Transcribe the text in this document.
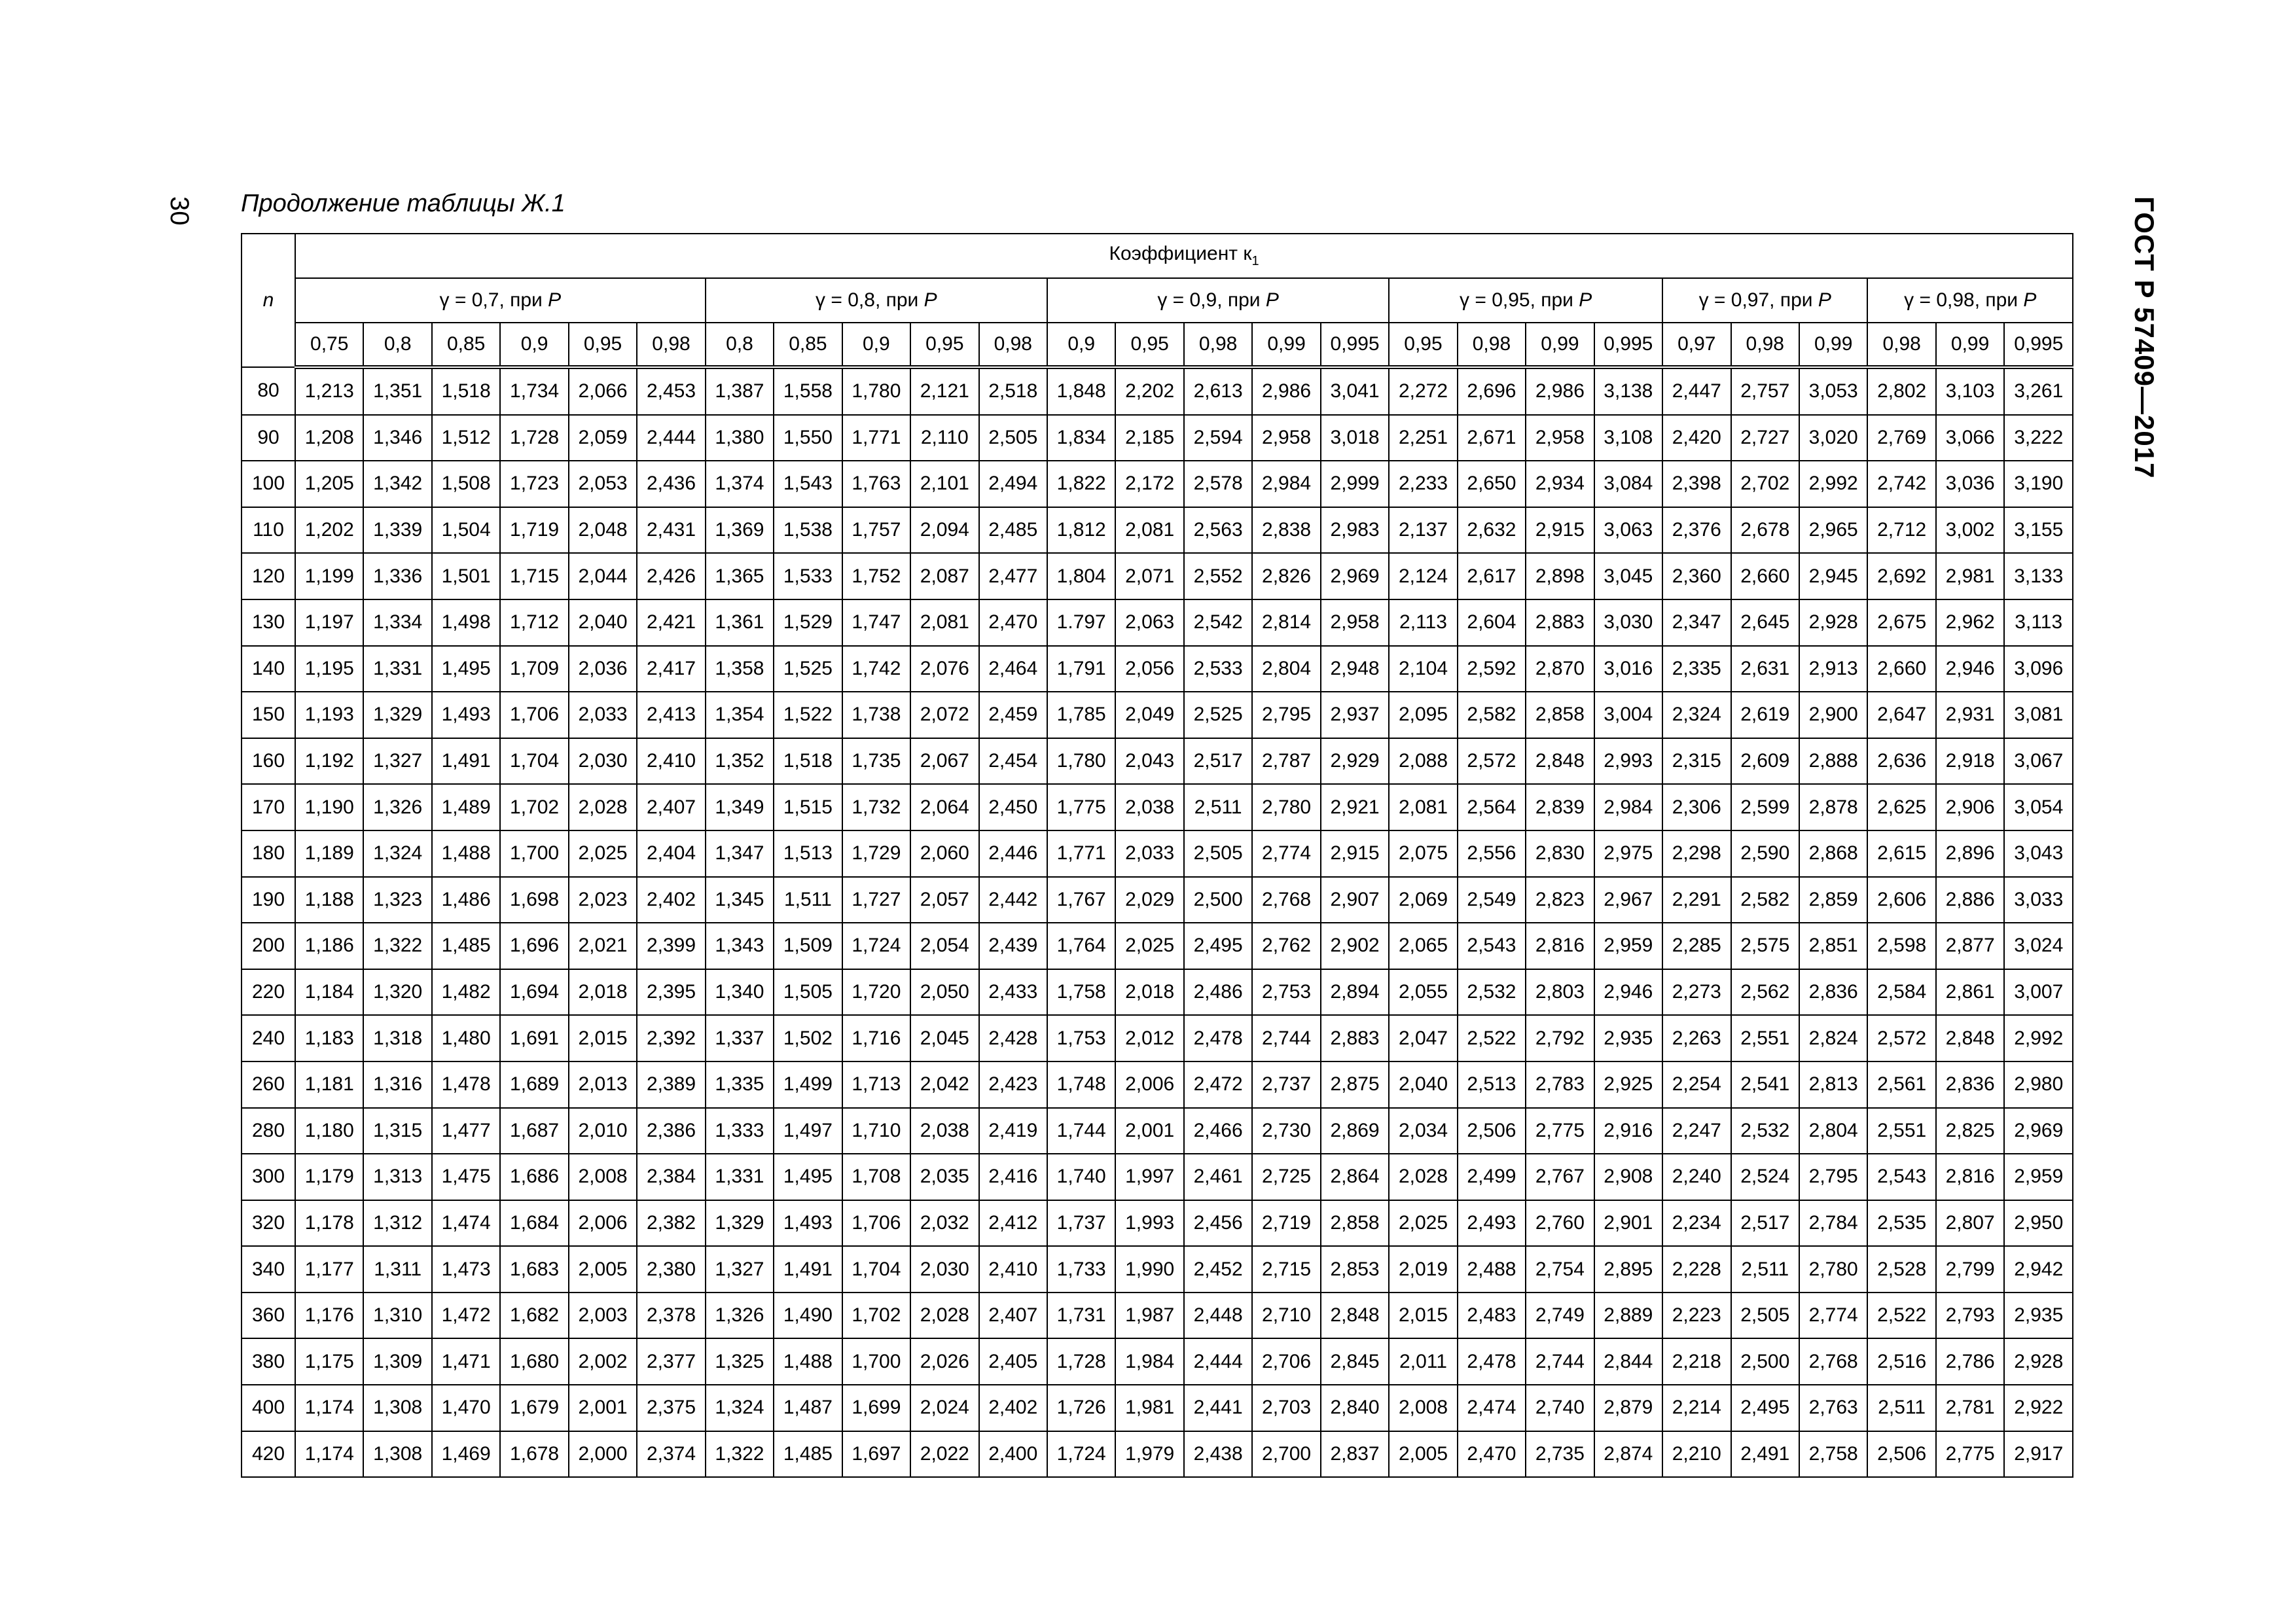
30 Продолжение таблицы Ж.1	ГОСТ Р 57409—2017
n	Коэффициент $к_1$
	γ = 0,7, при P						γ = 0,8, при P					γ = 0,9, при P					γ = 0,95, при P				γ = 0,97, при P			γ = 0,98, при P		
	0,75	0,8	0,85	0,9	0,95	0,98	0,8	0,85	0,9	0,95	0,98	0,9	0,95	0,98	0,99	0,995	0,95	0,98	0,99	0,995	0,97	0,98	0,99	0,98	0,99	0,995
80	1,213	1,351	1,518	1,734	2,066	2,453	1,387	1,558	1,780	2,121	2,518	1,848	2,202	2,613	2,986	3,041	2,272	2,696	2,986	3,138	2,447	2,757	3,053	2,802	3,103	3,261
90	1,208	1,346	1,512	1,728	2,059	2,444	1,380	1,550	1,771	2,110	2,505	1,834	2,185	2,594	2,958	3,018	2,251	2,671	2,958	3,108	2,420	2,727	3,020	2,769	3,066	3,222
100	1,205	1,342	1,508	1,723	2,053	2,436	1,374	1,543	1,763	2,101	2,494	1,822	2,172	2,578	2,984	2,999	2,233	2,650	2,934	3,084	2,398	2,702	2,992	2,742	3,036	3,190
110	1,202	1,339	1,504	1,719	2,048	2,431	1,369	1,538	1,757	2,094	2,485	1,812	2,081	2,563	2,838	2,983	2,137	2,632	2,915	3,063	2,376	2,678	2,965	2,712	3,002	3,155
120	1,199	1,336	1,501	1,715	2,044	2,426	1,365	1,533	1,752	2,087	2,477	1,804	2,071	2,552	2,826	2,969	2,124	2,617	2,898	3,045	2,360	2,660	2,945	2,692	2,981	3,133
130	1,197	1,334	1,498	1,712	2,040	2,421	1,361	1,529	1,747	2,081	2,470	1.797	2,063	2,542	2,814	2,958	2,113	2,604	2,883	3,030	2,347	2,645	2,928	2,675	2,962	3,113
140	1,195	1,331	1,495	1,709	2,036	2,417	1,358	1,525	1,742	2,076	2,464	1,791	2,056	2,533	2,804	2,948	2,104	2,592	2,870	3,016	2,335	2,631	2,913	2,660	2,946	3,096
150	1,193	1,329	1,493	1,706	2,033	2,413	1,354	1,522	1,738	2,072	2,459	1,785	2,049	2,525	2,795	2,937	2,095	2,582	2,858	3,004	2,324	2,619	2,900	2,647	2,931	3,081
160	1,192	1,327	1,491	1,704	2,030	2,410	1,352	1,518	1,735	2,067	2,454	1,780	2,043	2,517	2,787	2,929	2,088	2,572	2,848	2,993	2,315	2,609	2,888	2,636	2,918	3,067
170	1,190	1,326	1,489	1,702	2,028	2,407	1,349	1,515	1,732	2,064	2,450	1,775	2,038	2,511	2,780	2,921	2,081	2,564	2,839	2,984	2,306	2,599	2,878	2,625	2,906	3,054
180	1,189	1,324	1,488	1,700	2,025	2,404	1,347	1,513	1,729	2,060	2,446	1,771	2,033	2,505	2,774	2,915	2,075	2,556	2,830	2,975	2,298	2,590	2,868	2,615	2,896	3,043
190	1,188	1,323	1,486	1,698	2,023	2,402	1,345	1,511	1,727	2,057	2,442	1,767	2,029	2,500	2,768	2,907	2,069	2,549	2,823	2,967	2,291	2,582	2,859	2,606	2,886	3,033
200	1,186	1,322	1,485	1,696	2,021	2,399	1,343	1,509	1,724	2,054	2,439	1,764	2,025	2,495	2,762	2,902	2,065	2,543	2,816	2,959	2,285	2,575	2,851	2,598	2,877	3,024
220	1,184	1,320	1,482	1,694	2,018	2,395	1,340	1,505	1,720	2,050	2,433	1,758	2,018	2,486	2,753	2,894	2,055	2,532	2,803	2,946	2,273	2,562	2,836	2,584	2,861	3,007
240	1,183	1,318	1,480	1,691	2,015	2,392	1,337	1,502	1,716	2,045	2,428	1,753	2,012	2,478	2,744	2,883	2,047	2,522	2,792	2,935	2,263	2,551	2,824	2,572	2,848	2,992
260	1,181	1,316	1,478	1,689	2,013	2,389	1,335	1,499	1,713	2,042	2,423	1,748	2,006	2,472	2,737	2,875	2,040	2,513	2,783	2,925	2,254	2,541	2,813	2,561	2,836	2,980
280	1,180	1,315	1,477	1,687	2,010	2,386	1,333	1,497	1,710	2,038	2,419	1,744	2,001	2,466	2,730	2,869	2,034	2,506	2,775	2,916	2,247	2,532	2,804	2,551	2,825	2,969
300	1,179	1,313	1,475	1,686	2,008	2,384	1,331	1,495	1,708	2,035	2,416	1,740	1,997	2,461	2,725	2,864	2,028	2,499	2,767	2,908	2,240	2,524	2,795	2,543	2,816	2,959
320	1,178	1,312	1,474	1,684	2,006	2,382	1,329	1,493	1,706	2,032	2,412	1,737	1,993	2,456	2,719	2,858	2,025	2,493	2,760	2,901	2,234	2,517	2,784	2,535	2,807	2,950
340	1,177	1,311	1,473	1,683	2,005	2,380	1,327	1,491	1,704	2,030	2,410	1,733	1,990	2,452	2,715	2,853	2,019	2,488	2,754	2,895	2,228	2,511	2,780	2,528	2,799	2,942
360	1,176	1,310	1,472	1,682	2,003	2,378	1,326	1,490	1,702	2,028	2,407	1,731	1,987	2,448	2,710	2,848	2,015	2,483	2,749	2,889	2,223	2,505	2,774	2,522	2,793	2,935
380	1,175	1,309	1,471	1,680	2,002	2,377	1,325	1,488	1,700	2,026	2,405	1,728	1,984	2,444	2,706	2,845	2,011	2,478	2,744	2,844	2,218	2,500	2,768	2,516	2,786	2,928
400	1,174	1,308	1,470	1,679	2,001	2,375	1,324	1,487	1,699	2,024	2,402	1,726	1,981	2,441	2,703	2,840	2,008	2,474	2,740	2,879	2,214	2,495	2,763	2,511	2,781	2,922
420	1,174	1,308	1,469	1,678	2,000	2,374	1,322	1,485	1,697	2,022	2,400	1,724	1,979	2,438	2,700	2,837	2,005	2,470	2,735	2,874	2,210	2,491	2,758	2,506	2,775	2,917
